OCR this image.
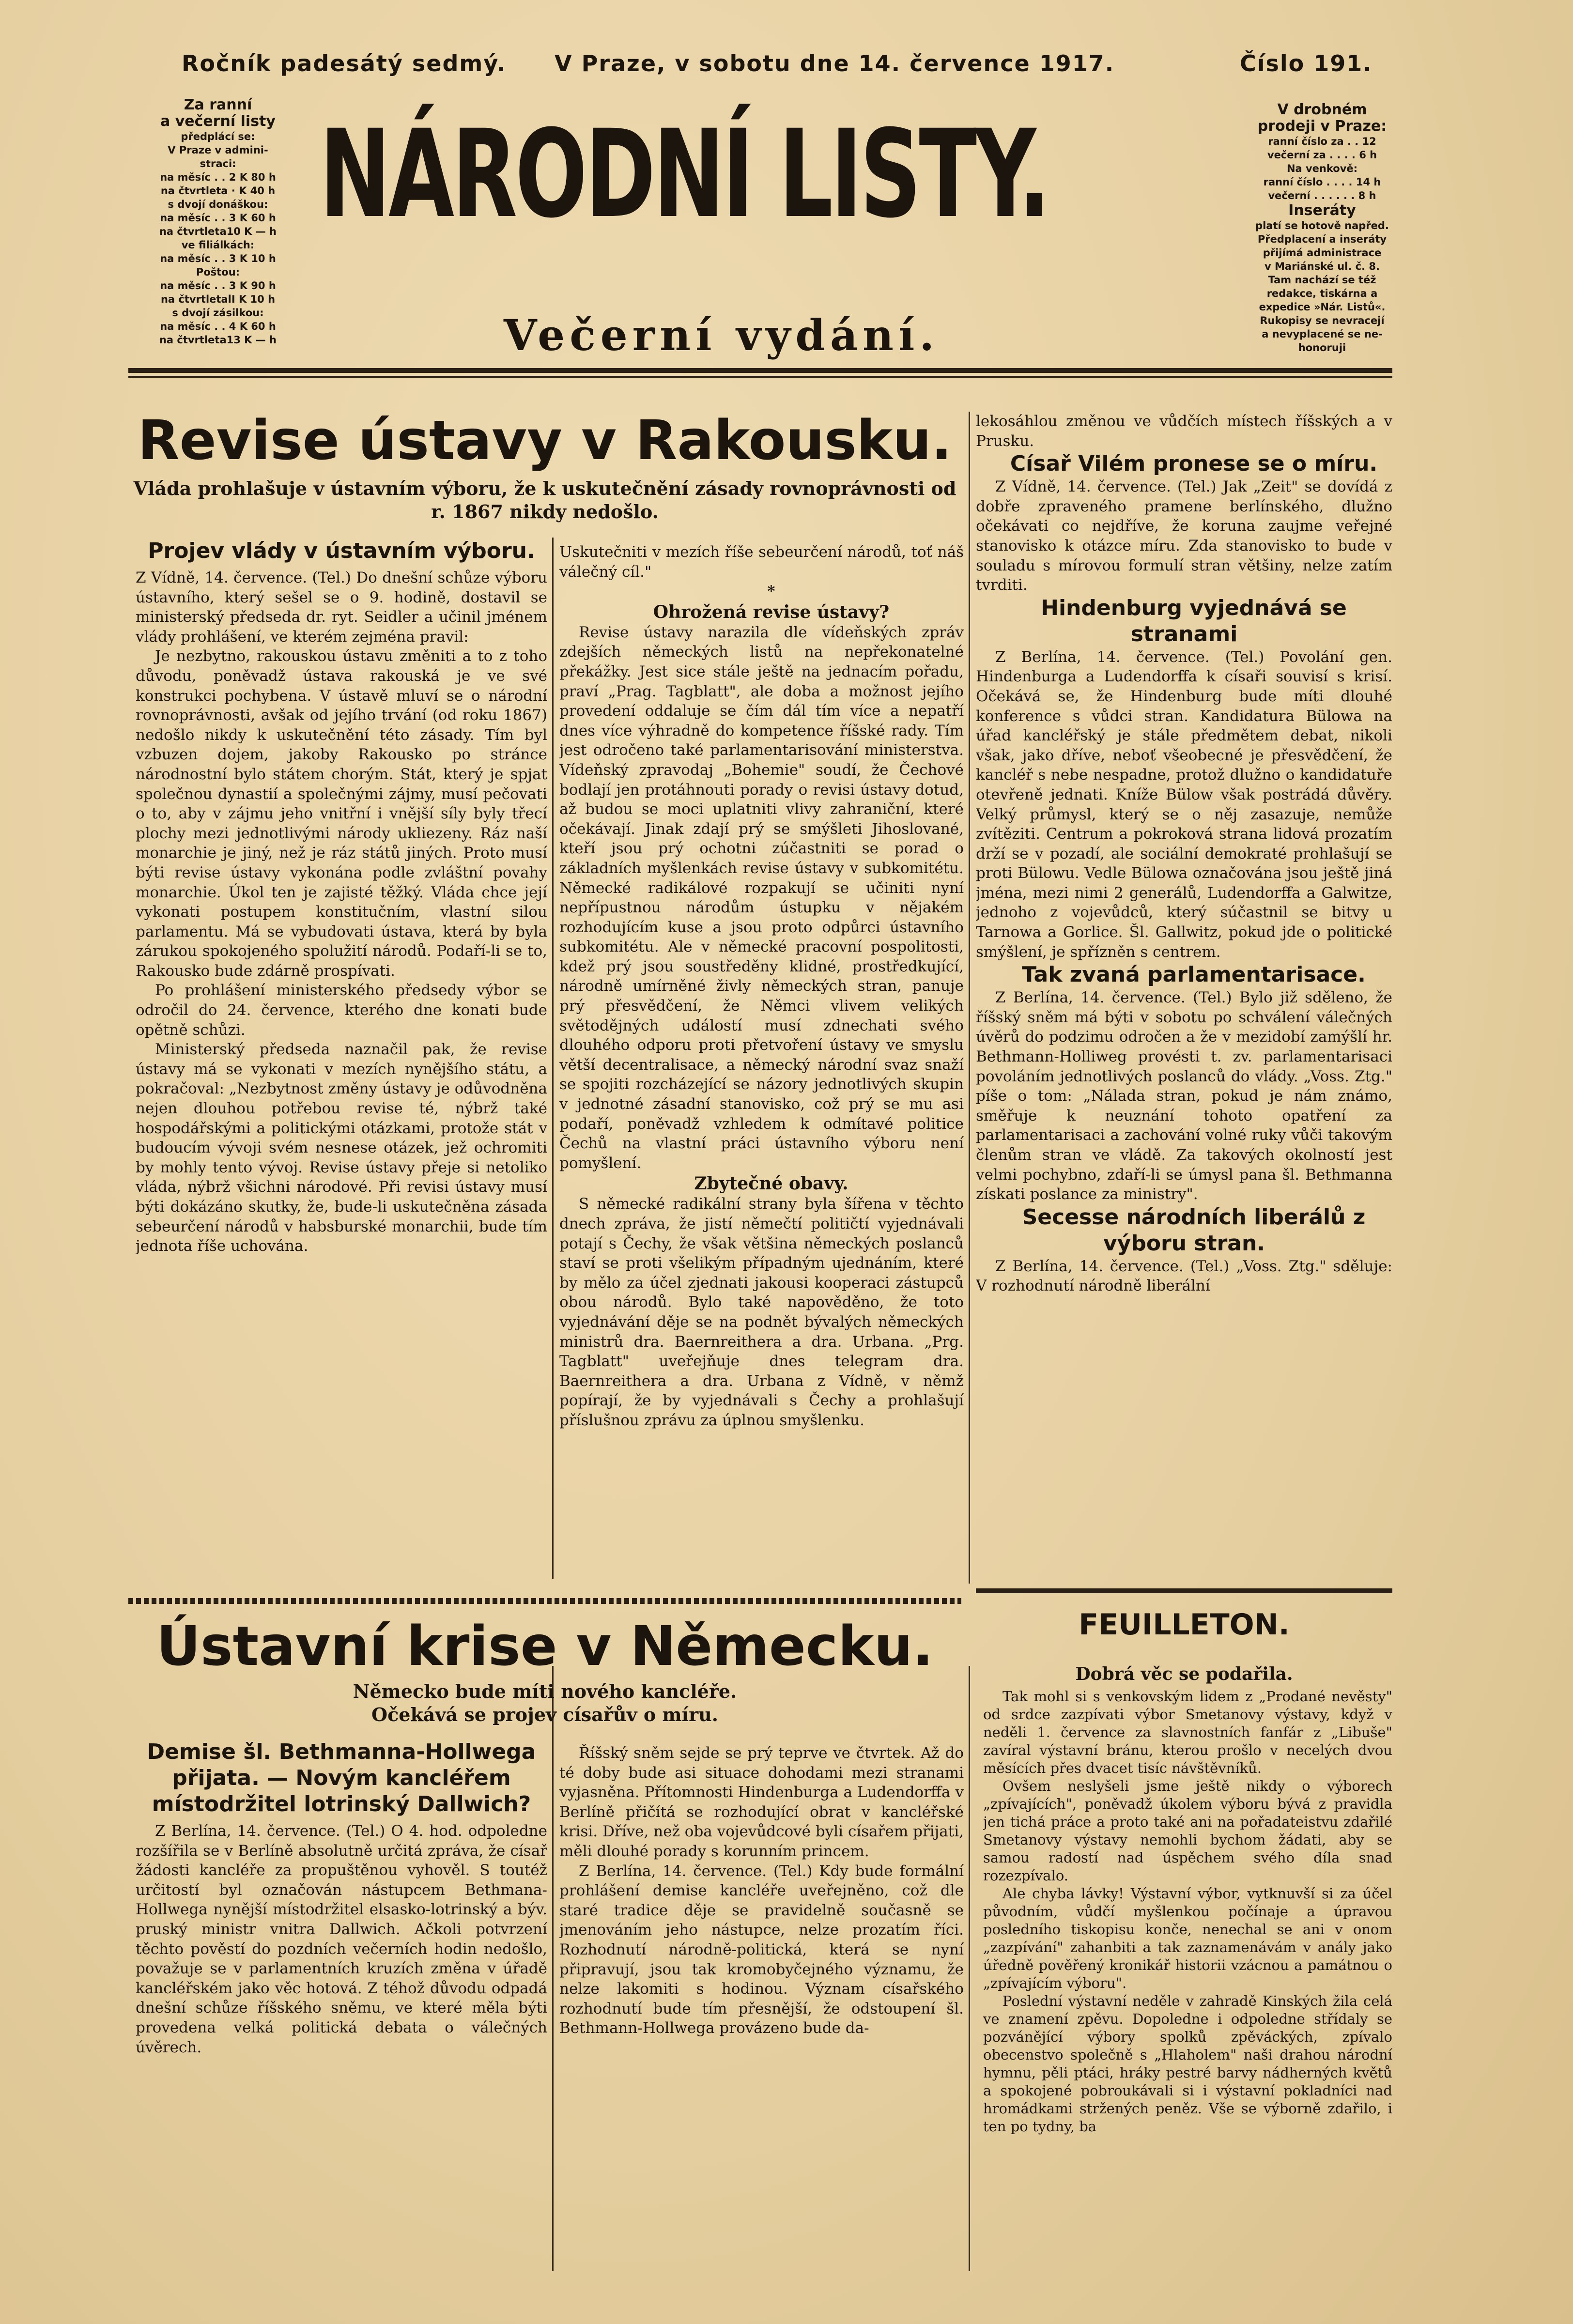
Ročník padesátý sedmý. V Praze, v sobotu dne 14. července 1917.	Číslo 191.
Za ranní
a večerní listy
předplácí se:
V Praze v admini-
straci:
na měsíc . . 2 K 80 h
na čtvrtleta · K 40 h
s dvojí donáškou:
na měsíc . . 3 K 60 h
na čtvrtleta10 K — h
ve filiálkách:
na měsíc . . 3 K 10 h
Poštou:
na měsíc . . 3 K 90 h
na čtvrtletalI K 10 h
s dvojí zásilkou:
na měsíc . . 4 K 60 h
na čtvrtleta13 K — h
V drobném
prodeji v Praze:
ranní číslo za . . 12
večerní za . . . . 6 h
Na venkově:
ranní číslo . . . . 14 h
večerní . . . . . . 8 h
Inseráty
platí se hotově napřed.
Předplacení a inseráty
přijímá administrace
v Mariánské ul. č. 8.
Tam nachází se též
redakce, tiskárna a
expedice »Nár. Listů«.
Rukopisy se nevracejí
a nevyplacené se ne-
honoruji
NÁRODNÍ LISTY.
Večerní vydání.
Revise ústavy v Rakousku.
Vláda prohlašuje v ústavním výboru, že k uskutečnění zásady rovnoprávnosti od r. 1867 nikdy nedošlo.
Projev vlády v ústavním výboru.

Z Vídně, 14. července. (Tel.) Do dnešní schůze výboru ústavního, který sešel se o 9. hodině, dostavil se ministerský předseda dr. ryt. Seidler a učinil jménem vlády prohlášení, ve kterém zejména pravil:

Je nezbytno, rakouskou ústavu změniti a to z toho důvodu, poněvadž ústava rakouská je ve své konstrukci pochybena. V ústavě mluví se o národní rovnoprávnosti, avšak od jejího trvání (od roku 1867) nedošlo nikdy k uskutečnění této zásady. Tím byl vzbuzen dojem, jakoby Rakousko po stránce národnostní bylo státem chorým. Stát, který je spjat společnou dynastií a společnými zájmy, musí pečovati o to, aby v zájmu jeho vnitřní i vnější síly byly třecí plochy mezi jednotlivými národy ukliezeny. Ráz naší monarchie je jiný, než je ráz států jiných. Proto musí býti revise ústavy vykonána podle zvláštní povahy monarchie. Úkol ten je zajisté těžký. Vláda chce její vykonati postupem konstitučním, vlastní silou parlamentu. Má se vybudovati ústava, která by byla zárukou spokojeného spolužití národů. Podaří-li se to, Rakousko bude zdárně prospívati.

Po prohlášení ministerského předsedy výbor se odročil do 24. července, kterého dne konati bude opětně schůzi.

Ministerský předseda naznačil pak, že revise ústavy má se vykonati v mezích nynějšího státu, a pokračoval: „Nezbytnost změny ústavy je odůvodněna nejen dlouhou potřebou revise té, nýbrž také hospodářskými a politickými otázkami, protože stát v budoucím vývoji svém nesnese otázek, jež ochromiti by mohly tento vývoj. Revise ústavy přeje si netoliko vláda, nýbrž všichni národové. Při revisi ústavy musí býti dokázáno skutky, že, bude-li uskutečněna zásada sebeurčení národů v habsburské monarchii, bude tím jednota říše uchována.

Uskutečniti v mezích říše sebeurčení národů, toť náš válečný cíl."

*

Ohrožená revise ústavy?

Revise ústavy narazila dle vídeňských zpráv zdejších německých listů na nepřekonatelné překážky. Jest sice stále ještě na jednacím pořadu, praví „Prag. Tagblatt", ale doba a možnost jejího provedení oddaluje se čím dál tím více a nepatří dnes více výhradně do kompetence říšské rady. Tím jest odročeno také parlamentarisování ministerstva. Vídeňský zpravodaj „Bohemie" soudí, že Čechové bodlají jen protáhnouti porady o revisi ústavy dotud, až budou se moci uplatniti vlivy zahraniční, které očekávají. Jinak zdají prý se smýšleti Jihoslované, kteří jsou prý ochotni zúčastniti se porad o základních myšlenkách revise ústavy v subkomitétu. Německé radikálové rozpakují se učiniti nyní nepřípustnou národům ústupku v nějakém rozhodujícím kuse a jsou proto odpůrci ústavního subkomitétu. Ale v německé pracovní pospolitosti, kdež prý jsou soustředěny klidné, prostředkující, národně umírněné živly německých stran, panuje prý přesvědčení, že Němci vlivem velikých světodějných událostí musí zdnechati svého dlouhého odporu proti přetvoření ústavy ve smyslu větší decentralisace, a německý národní svaz snaží se spojiti rozcházející se názory jednotlivých skupin v jednotné zásadní stanovisko, což prý se mu asi podaří, poněvadž vzhledem k odmítavé politice Čechů na vlastní práci ústavního výboru není pomyšlení.

Zbytečné obavy.

S německé radikální strany byla šířena v těchto dnech zpráva, že jistí němečtí političtí vyjednávali potají s Čechy, že však většina německých poslanců staví se proti všelikým případným ujednáním, které by mělo za účel zjednati jakousi kooperaci zástupců obou národů. Bylo také napověděno, že toto vyjednávání děje se na podnět bývalých německých ministrů dra. Baernreithera a dra. Urbana. „Prg. Tagblatt" uveřejňuje dnes telegram dra. Baernreithera a dra. Urbana z Vídně, v němž popírají, že by vyjednávali s Čechy a prohlašují příslušnou zprávu za úplnou smyšlenku.

lekosáhlou změnou ve vůdčích místech říšských a v Prusku.

Císař Vilém pronese se o míru.

Z Vídně, 14. července. (Tel.) Jak „Zeit" se dovídá z dobře zpraveného pramene berlínského, dlužno očekávati co nejdříve, že koruna zaujme veřejné stanovisko k otázce míru. Zda stanovisko to bude v souladu s mírovou formulí stran většiny, nelze zatím tvrditi.

Hindenburg vyjednává se stranami

Z Berlína, 14. července. (Tel.) Povolání gen. Hindenburga a Ludendorffa k císaři souvisí s krisí. Očekává se, že Hindenburg bude míti dlouhé konference s vůdci stran. Kandidatura Bülowa na úřad kancléřský je stále předmětem debat, nikoli však, jako dříve, neboť všeobecné je přesvědčení, že kancléř s nebe nespadne, protož dlužno o kandidatuře otevřeně jednati. Kníže Bülow však postrádá důvěry. Velký průmysl, který se o něj zasazuje, nemůže zvítěziti. Centrum a pokroková strana lidová prozatím drží se v pozadí, ale sociální demokraté prohlašují se proti Bülowu. Vedle Bülowa označována jsou ještě jiná jména, mezi nimi 2 generálů, Ludendorffa a Galwitze, jednoho z vojevůdců, který súčastnil se bitvy u Tarnowa a Gorlice. Šl. Gallwitz, pokud jde o politické smýšlení, je spřízněn s centrem.

Tak zvaná parlamentarisace.

Z Berlína, 14. července. (Tel.) Bylo již sděleno, že říšský sněm má býti v sobotu po schválení válečných úvěrů do podzimu odročen a že v mezidobí zamýšlí hr. Bethmann-Holliweg provésti t. zv. parlamentarisaci povoláním jednotlivých poslanců do vlády. „Voss. Ztg." píše o tom: „Nálada stran, pokud je nám známo, směřuje k neuznání tohoto opatření za parlamentarisaci a zachování volné ruky vůči takovým členům stran ve vládě. Za takových okolností jest velmi pochybno, zdaří-li se úmysl pana šl. Bethmanna získati poslance za ministry".

Secesse národních liberálů z výboru stran.

Z Berlína, 14. července. (Tel.) „Voss. Ztg." sděluje: V rozhodnutí národně liberální

Ústavní krise v Německu.
Německo bude míti nového kancléře.
Očekává se projev císařův o míru.
Demise šl. Bethmanna-Hollwega přijata. — Novým kancléřem místodržitel lotrinský Dallwich?

Z Berlína, 14. července. (Tel.) O 4. hod. odpoledne rozšířila se v Berlíně absolutně určitá zpráva, že císař žádosti kancléře za propuštěnou vyhověl. S toutéž určitostí byl označován nástupcem Bethmana-Hollwega nynější místodržitel elsasko-lotrinský a býv. pruský ministr vnitra Dallwich. Ačkoli potvrzení těchto pověstí do pozdních večerních hodin nedošlo, považuje se v parlamentních kruzích změna v úřadě kancléřském jako věc hotová. Z téhož důvodu odpadá dnešní schůze říšského sněmu, ve které měla býti provedena velká politická debata o válečných úvěrech.

Říšský sněm sejde se prý teprve ve čtvrtek. Až do té doby bude asi situace dohodami mezi stranami vyjasněna. Přítomnosti Hindenburga a Ludendorffa v Berlíně přičítá se rozhodující obrat v kancléřské krisi. Dříve, než oba vojevůdcové byli císařem přijati, měli dlouhé porady s korunním princem.

Z Berlína, 14. července. (Tel.) Kdy bude formální prohlášení demise kancléře uveřejněno, což dle staré tradice děje se pravidelně současně se jmenováním jeho nástupce, nelze prozatím říci. Rozhodnutí národně-politická, která se nyní připravují, jsou tak kromobyčejného významu, že nelze lakomiti s hodinou. Význam císařského rozhodnutí bude tím přesnější, že odstoupení šl. Bethmann-Hollwega provázeno bude da-

FEUILLETON.
Dobrá věc se podařila.

Tak mohl si s venkovským lidem z „Prodané nevěsty" od srdce zazpívati výbor Smetanovy výstavy, když v neděli 1. července za slavnostních fanfár z „Libuše" zavíral výstavní bránu, kterou prošlo v necelých dvou měsících přes dvacet tisíc návštěvníků.

Ovšem neslyšeli jsme ještě nikdy o výborech „zpívajících", poněvadž úkolem výboru bývá z pravidla jen tichá práce a proto také ani na pořadateistvu zdařilé Smetanovy výstavy nemohli bychom žádati, aby se samou radostí nad úspěchem svého díla snad rozezpívalo.

Ale chyba lávky! Výstavní výbor, vytknuvší si za účel původním, vůdčí myšlenkou počínaje a úpravou posledního tiskopisu konče, nenechal se ani v onom „zazpívání" zahanbiti a tak zaznamenávám v anály jako úředně pověřený kronikář historii vzácnou a památnou o „zpívajícím výboru".

Poslední výstavní neděle v zahradě Kinských žila celá ve znamení zpěvu. Dopoledne i odpoledne střídaly se pozvánějící výbory spolků zpěváckých, zpívalo obecenstvo společně s „Hlaholem" naši drahou národní hymnu, pěli ptáci, hráky pestré barvy nádherných květů a spokojené pobroukávali si i výstavní pokladníci nad hromádkami stržených peněz. Vše se výborně zdařilo, i ten po tydny, ba
